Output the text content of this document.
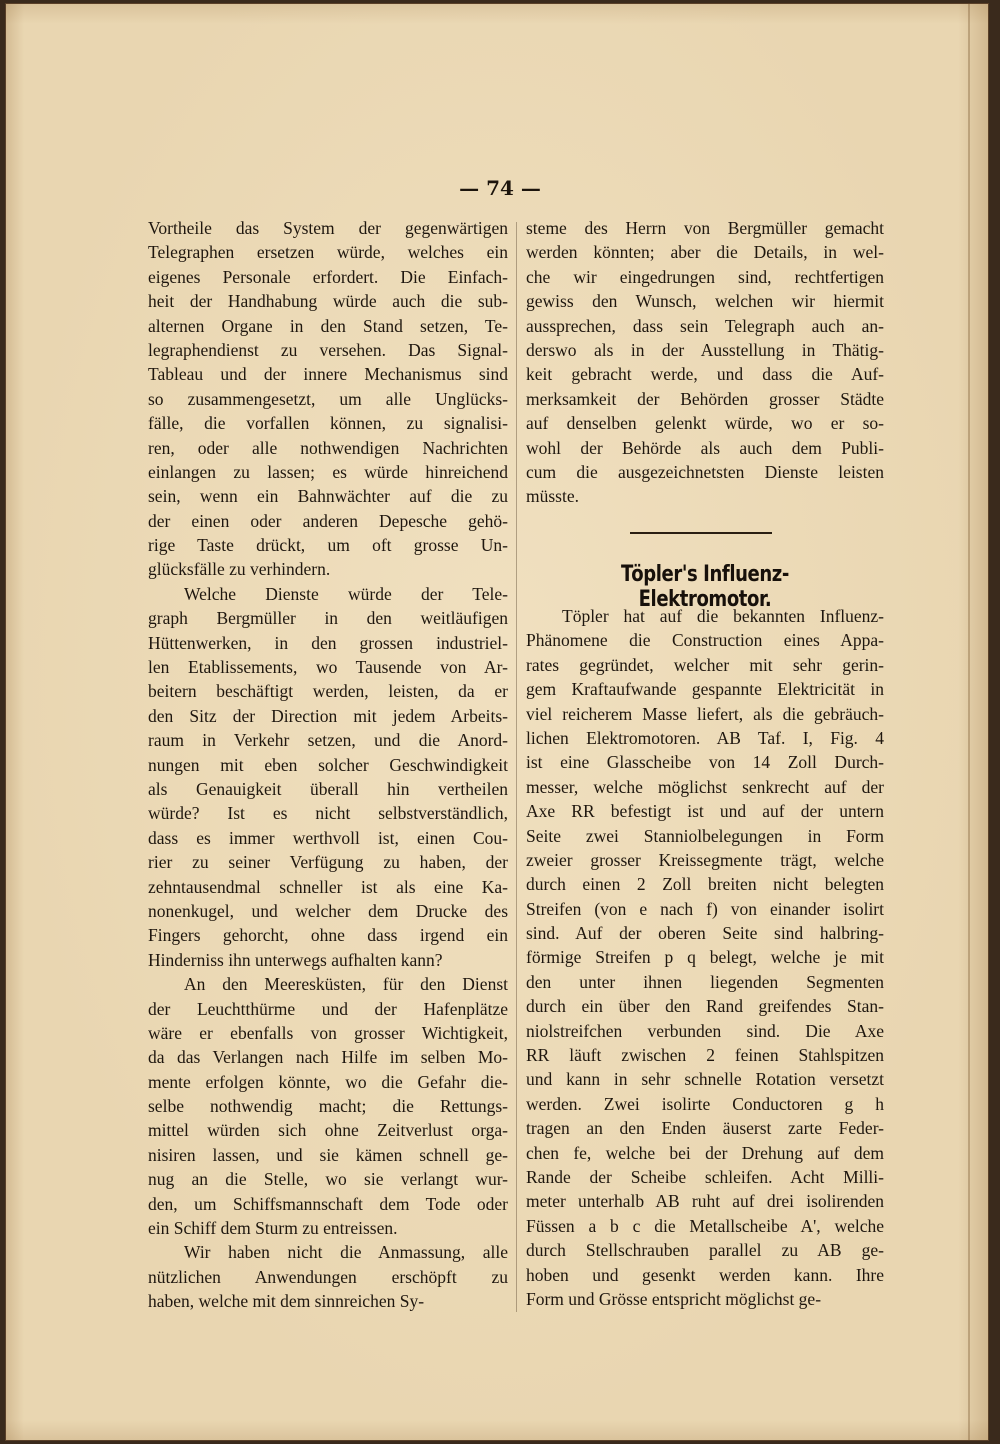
— 74 —
Vortheile das System der gegenwärtigen
Telegraphen ersetzen würde, welches ein
eigenes Personale erfordert. Die Einfach-
heit der Handhabung würde auch die sub-
alternen Organe in den Stand setzen, Te-
legraphendienst zu versehen. Das Signal-
Tableau und der innere Mechanismus sind
so zusammengesetzt, um alle Unglücks-
fälle, die vorfallen können, zu signalisi-
ren, oder alle nothwendigen Nachrichten
einlangen zu lassen; es würde hinreichend
sein, wenn ein Bahnwächter auf die zu
der einen oder anderen Depesche gehö-
rige Taste drückt, um oft grosse Un-
glücksfälle zu verhindern.
Welche Dienste würde der Tele-
graph Bergmüller in den weitläufigen
Hüttenwerken, in den grossen industriel-
len Etablissements, wo Tausende von Ar-
beitern beschäftigt werden, leisten, da er
den Sitz der Direction mit jedem Arbeits-
raum in Verkehr setzen, und die Anord-
nungen mit eben solcher Geschwindigkeit
als Genauigkeit überall hin vertheilen
würde? Ist es nicht selbstverständlich,
dass es immer werthvoll ist, einen Cou-
rier zu seiner Verfügung zu haben, der
zehntausendmal schneller ist als eine Ka-
nonenkugel, und welcher dem Drucke des
Fingers gehorcht, ohne dass irgend ein
Hinderniss ihn unterwegs aufhalten kann?
An den Meeresküsten, für den Dienst
der Leuchtthürme und der Hafenplätze
wäre er ebenfalls von grosser Wichtigkeit,
da das Verlangen nach Hilfe im selben Mo-
mente erfolgen könnte, wo die Gefahr die-
selbe nothwendig macht; die Rettungs-
mittel würden sich ohne Zeitverlust orga-
nisiren lassen, und sie kämen schnell ge-
nug an die Stelle, wo sie verlangt wur-
den, um Schiffsmannschaft dem Tode oder
ein Schiff dem Sturm zu entreissen.
Wir haben nicht die Anmassung, alle
nützlichen Anwendungen erschöpft zu
haben, welche mit dem sinnreichen Sy-
steme des Herrn von Bergmüller gemacht
werden könnten; aber die Details, in wel-
che wir eingedrungen sind, rechtfertigen
gewiss den Wunsch, welchen wir hiermit
aussprechen, dass sein Telegraph auch an-
derswo als in der Ausstellung in Thätig-
keit gebracht werde, und dass die Auf-
merksamkeit der Behörden grosser Städte
auf denselben gelenkt würde, wo er so-
wohl der Behörde als auch dem Publi-
cum die ausgezeichnetsten Dienste leisten
müsste.
Töpler's Influenz-Elektromotor.
Töpler hat auf die bekannten Influenz-
Phänomene die Construction eines Appa-
rates gegründet, welcher mit sehr gerin-
gem Kraftaufwande gespannte Elektricität in
viel reicherem Masse liefert, als die gebräuch-
lichen Elektromotoren. AB Taf. I, Fig. 4
ist eine Glasscheibe von 14 Zoll Durch-
messer, welche möglichst senkrecht auf der
Axe RR befestigt ist und auf der untern
Seite zwei Stanniolbelegungen in Form
zweier grosser Kreissegmente trägt, welche
durch einen 2 Zoll breiten nicht belegten
Streifen (von e nach f) von einander isolirt
sind. Auf der oberen Seite sind halbring-
förmige Streifen p q belegt, welche je mit
den unter ihnen liegenden Segmenten
durch ein über den Rand greifendes Stan-
niolstreifchen verbunden sind. Die Axe
RR läuft zwischen 2 feinen Stahlspitzen
und kann in sehr schnelle Rotation versetzt
werden. Zwei isolirte Conductoren g h
tragen an den Enden äuserst zarte Feder-
chen fe, welche bei der Drehung auf dem
Rande der Scheibe schleifen. Acht Milli-
meter unterhalb AB ruht auf drei isolirenden
Füssen a b c die Metallscheibe A', welche
durch Stellschrauben parallel zu AB ge-
hoben und gesenkt werden kann. Ihre
Form und Grösse entspricht möglichst ge-
